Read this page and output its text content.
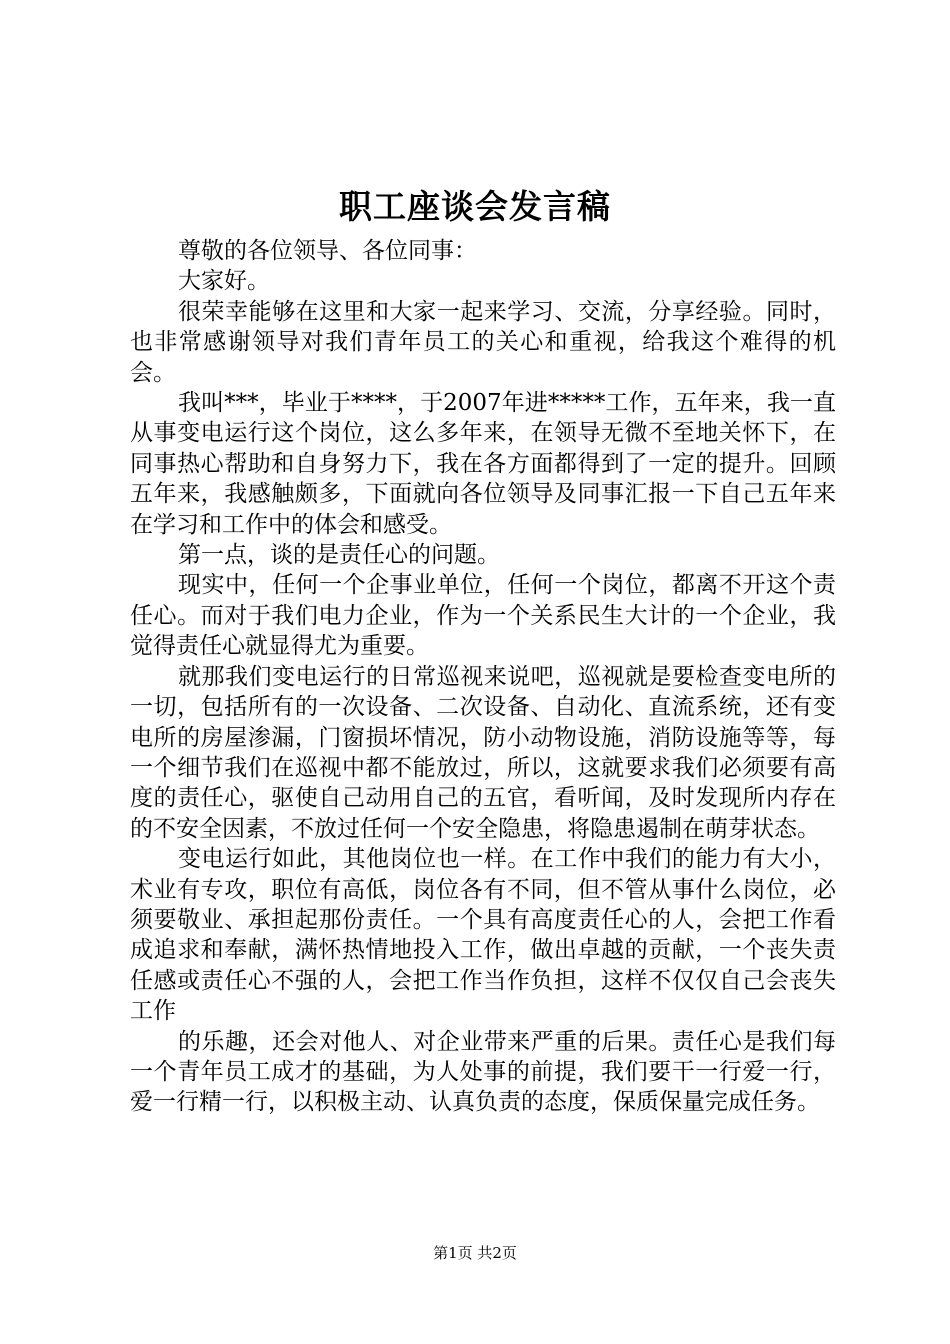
职工座谈会发言稿

尊敬的各位领导、各位同事：

大家好。

很荣幸能够在这里和大家一起来学习、交流，分享经验。同时，也非常感谢领导对我们青年员工的关心和重视，给我这个难得的机会。

我叫***，毕业于****，于2007年进*****工作，五年来，我一直从事变电运行这个岗位，这么多年来，在领导无微不至地关怀下，在同事热心帮助和自身努力下，我在各方面都得到了一定的提升。回顾五年来，我感触颇多，下面就向各位领导及同事汇报一下自己五年来在学习和工作中的体会和感受。

第一点，谈的是责任心的问题。

现实中，任何一个企事业单位，任何一个岗位，都离不开这个责任心。而对于我们电力企业，作为一个关系民生大计的一个企业，我觉得责任心就显得尤为重要。

就那我们变电运行的日常巡视来说吧，巡视就是要检查变电所的一切，包括所有的一次设备、二次设备、自动化、直流系统，还有变电所的房屋渗漏，门窗损坏情况，防小动物设施，消防设施等等，每一个细节我们在巡视中都不能放过，所以，这就要求我们必须要有高度的责任心，驱使自己动用自己的五官，看听闻，及时发现所内存在的不安全因素，不放过任何一个安全隐患，将隐患遏制在萌芽状态。

变电运行如此，其他岗位也一样。在工作中我们的能力有大小，术业有专攻，职位有高低，岗位各有不同，但不管从事什么岗位，必须要敬业、承担起那份责任。一个具有高度责任心的人，会把工作看成追求和奉献，满怀热情地投入工作，做出卓越的贡献，一个丧失责任感或责任心不强的人，会把工作当作负担，这样不仅仅自己会丧失工作

的乐趣，还会对他人、对企业带来严重的后果。责任心是我们每一个青年员工成才的基础，为人处事的前提，我们要干一行爱一行，爱一行精一行，以积极主动、认真负责的态度，保质保量完成任务。

第1页 共2页
